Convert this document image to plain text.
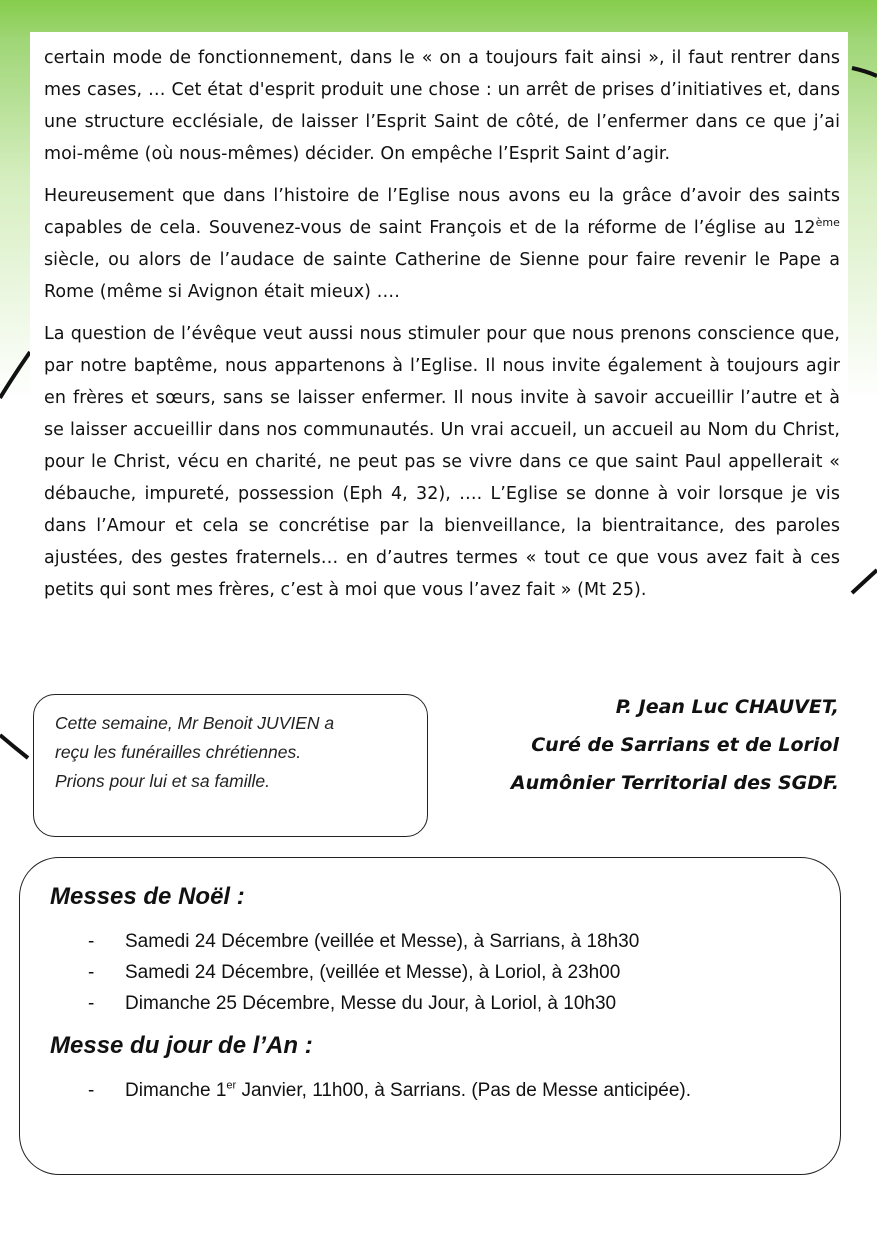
certain mode de fonctionnement, dans le « on a toujours fait ainsi », il faut rentrer dans mes cases, … Cet état d'esprit produit une chose : un arrêt de prises d’initiatives et, dans une structure ecclésiale, de laisser l’Esprit Saint de côté, de l’enfermer dans ce que j’ai moi-même (où nous-mêmes) décider. On empêche l’Esprit Saint d’agir.

Heureusement que dans l’histoire de l’Eglise nous avons eu la grâce d’avoir des saints capables de cela. Souvenez-vous de saint François et de la réforme de l’église au 12ème siècle, ou alors de l’audace de sainte Catherine de Sienne pour faire revenir le Pape a Rome (même si Avignon était mieux) ….

La question de l’évêque veut aussi nous stimuler pour que nous prenons conscience que, par notre baptême, nous appartenons à l’Eglise. Il nous invite également à toujours agir en frères et sœurs, sans se laisser enfermer. Il nous invite à savoir accueillir l’autre et à se laisser accueillir dans nos communautés. Un vrai accueil, un accueil au Nom du Christ, pour le Christ, vécu en charité, ne peut pas se vivre dans ce que saint Paul appellerait « débauche, impureté, possession (Eph 4, 32), …. L’Eglise se donne à voir lorsque je vis dans l’Amour et cela se concrétise par la bienveillance, la bientraitance, des paroles ajustées, des gestes fraternels… en d’autres termes « tout ce que vous avez fait à ces petits qui sont mes frères, c’est à moi que vous l’avez fait » (Mt 25).

Cette semaine, Mr Benoit JUVIEN a
reçu les funérailles chrétiennes.
Prions pour lui et sa famille.
P. Jean Luc CHAUVET,
Curé de Sarrians et de Loriol
Aumônier Territorial des SGDF.
Messes de Noël :
- Samedi 24 Décembre (veillée et Messe), à Sarrians, à 18h30
- Samedi 24 Décembre, (veillée et Messe), à Loriol, à 23h00
- Dimanche 25 Décembre, Messe du Jour, à Loriol, à 10h30
Messe du jour de l’An :
- Dimanche 1er Janvier, 11h00, à Sarrians. (Pas de Messe anticipée).
